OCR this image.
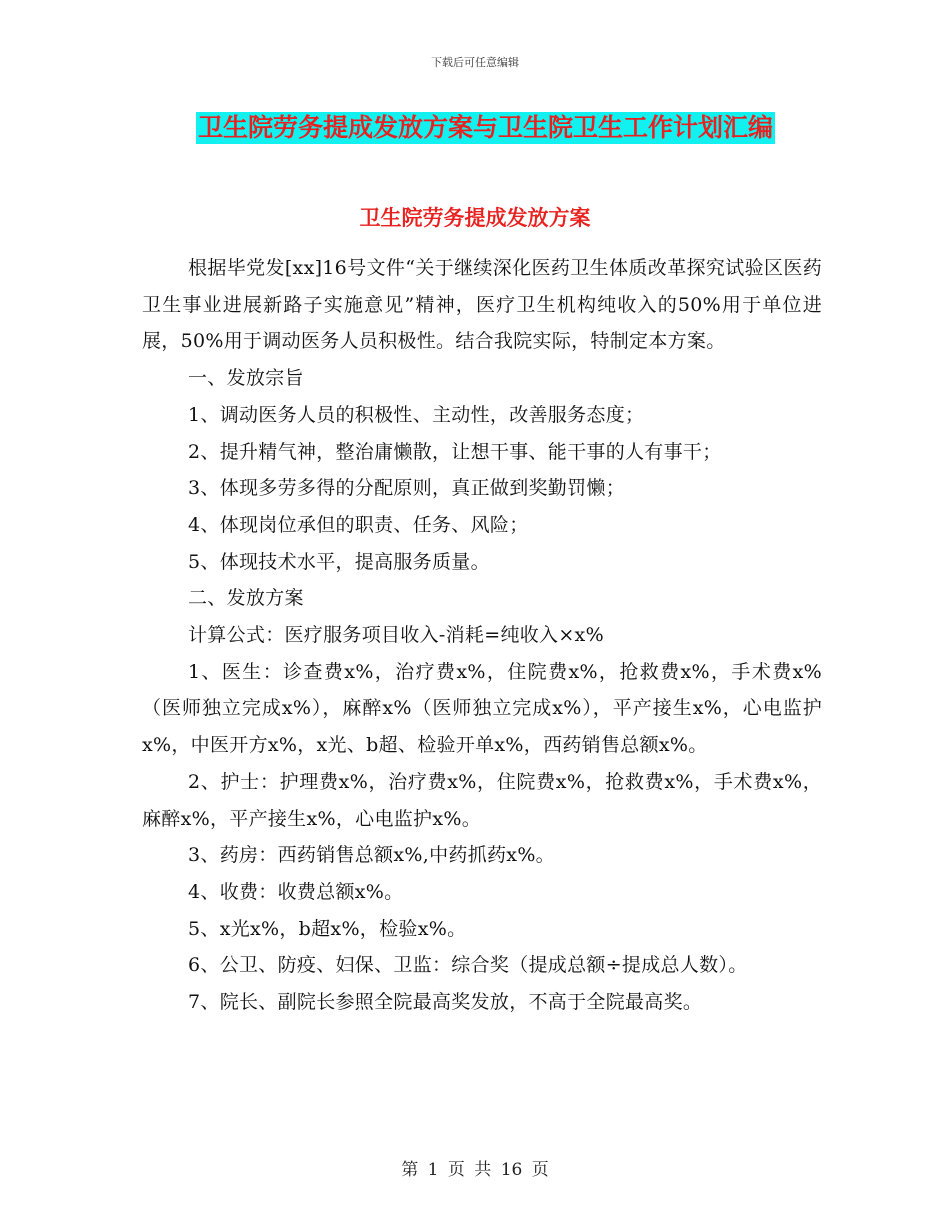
下载后可任意编辑
卫生院劳务提成发放方案与卫生院卫生工作计划汇编
卫生院劳务提成发放方案

根据毕党发[xx]16号文件“关于继续深化医药卫生体质改革探究试验区医药卫生事业进展新路子实施意见”精神，医疗卫生机构纯收入的50%用于单位进展，50%用于调动医务人员积极性。结合我院实际，特制定本方案。

一、发放宗旨

1、调动医务人员的积极性、主动性，改善服务态度；

2、提升精气神，整治庸懒散，让想干事、能干事的人有事干；

3、体现多劳多得的分配原则，真正做到奖勤罚懒；

4、体现岗位承但的职责、任务、风险；

5、体现技术水平，提高服务质量。

二、发放方案

计算公式：医疗服务项目收入-消耗=纯收入×x%

1、医生：诊查费x%，治疗费x%，住院费x%，抢救费x%，手术费x%（医师独立完成x%），麻醉x%（医师独立完成x%），平产接生x%，心电监护x%，中医开方x%，x光、b超、检验开单x%，西药销售总额x%。

2、护士：护理费x%，治疗费x%，住院费x%，抢救费x%，手术费x%，麻醉x%，平产接生x%，心电监护x%。

3、药房：西药销售总额x%,中药抓药x%。

4、收费：收费总额x%。

5、x光x%，b超x%，检验x%。

6、公卫、防疫、妇保、卫监：综合奖（提成总额÷提成总人数）。

7、院长、副院长参照全院最高奖发放，不高于全院最高奖。

第 1 页 共 16 页
